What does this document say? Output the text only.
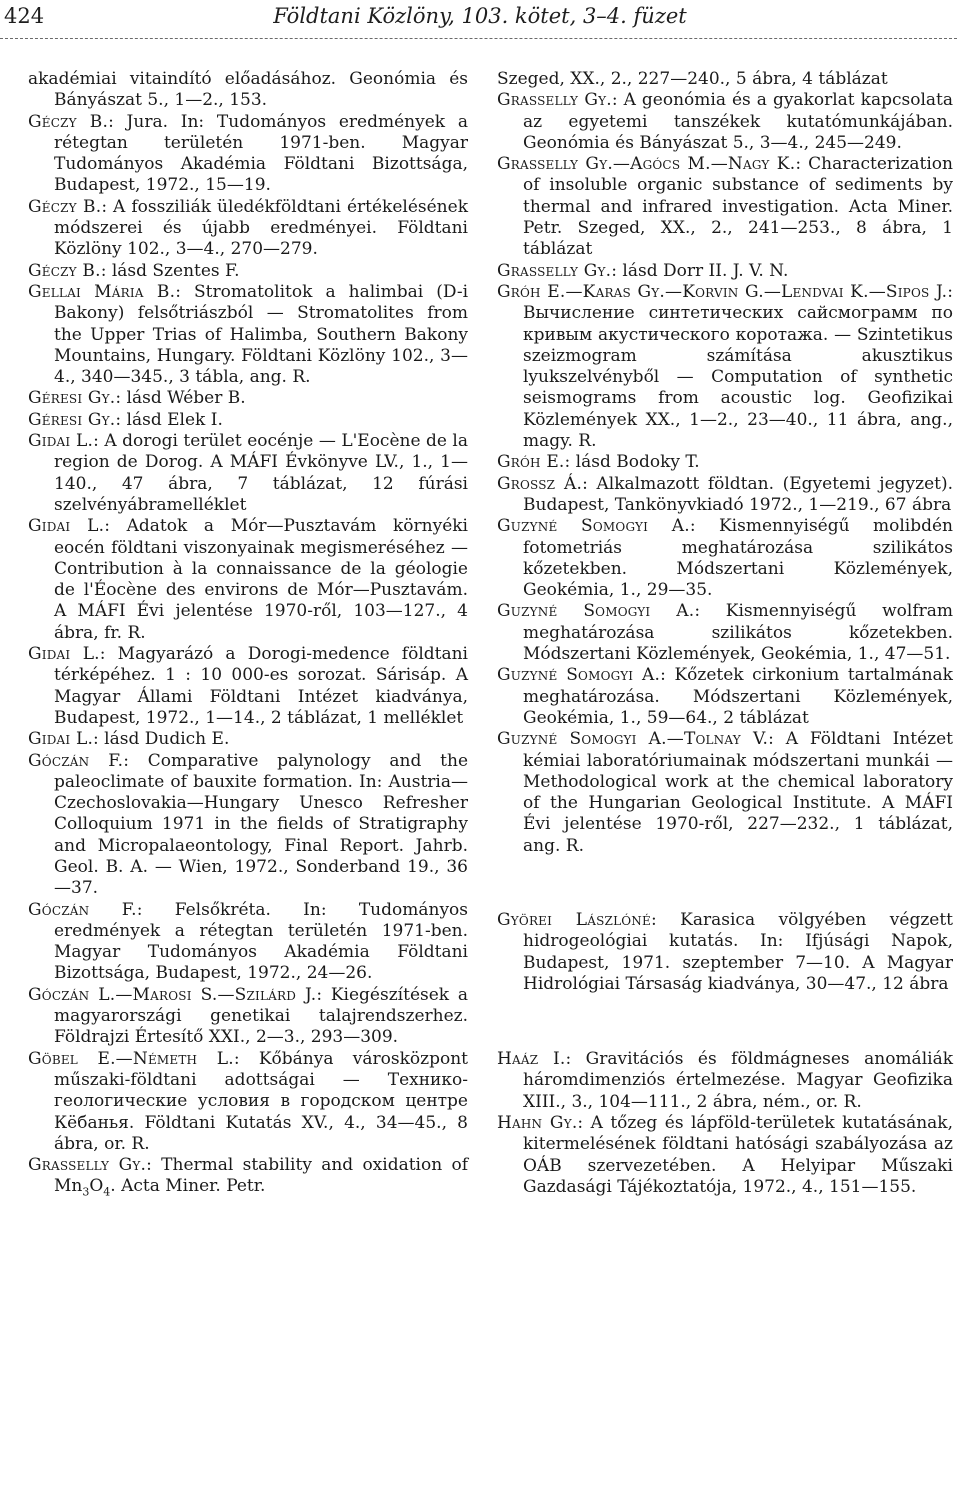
424	Földtani Közlöny, 103. kötet, 3–4. füzet

akadémiai vitaindító előadásához. Geonómia és Bányászat 5., 1—2., 153.

Géczy B.: Jura. In: Tudományos eredmények a rétegtan területén 1971-ben. Magyar Tudományos Akadémia Földtani Bizottsága, Budapest, 1972., 15—19.

Géczy B.: A fossziliák üledékföldtani értékelésének módszerei és újabb eredményei. Földtani Közlöny 102., 3—4., 270—279.

Géczy B.: lásd Szentes F.

Gellai Mária B.: Stromatolitok a halimbai (D-i Bakony) felsőtriászból — Stromatolites from the Upper Trias of Halimba, Southern Bakony Mountains, Hungary. Földtani Közlöny 102., 3—4., 340—345., 3 tábla, ang. R.

Géresi Gy.: lásd Wéber B.

Géresi Gy.: lásd Elek I.

Gidai L.: A dorogi terület eocénje — L'Eocène de la region de Dorog. A MÁFI Évkönyve LV., 1., 1—140., 47 ábra, 7 táblázat, 12 fúrási szelvényábramelléklet

Gidai L.: Adatok a Mór—Pusztavám környéki eocén földtani viszonyainak megismeréséhez — Contribution à la connaissance de la géologie de l'Éocène des environs de Mór—Pusztavám. A MÁFI Évi jelentése 1970-ről, 103—127., 4 ábra, fr. R.

Gidai L.: Magyarázó a Dorogi-medence földtani térképéhez. 1 : 10 000-es sorozat. Sárisáp. A Magyar Állami Földtani Intézet kiadványa, Budapest, 1972., 1—14., 2 táblázat, 1 melléklet

Gidai L.: lásd Dudich E.

Góczán F.: Comparative palynology and the paleoclimate of bauxite formation. In: Austria—Czechoslovakia—Hungary Unesco Refresher Colloquium 1971 in the fields of Stratigraphy and Micropalaeontology, Final Report. Jahrb. Geol. B. A. — Wien, 1972., Sonderband 19., 36—37.

Góczán F.: Felsőkréta. In: Tudományos eredmények a rétegtan területén 1971-ben. Magyar Tudományos Akadémia Földtani Bizottsága, Budapest, 1972., 24—26.

Góczán L.—Marosi S.—Szilárd J.: Kiegészítések a magyarországi genetikai talajrendszerhez. Földrajzi Értesítő XXI., 2—3., 293—309.

Göbel E.—Németh L.: Kőbánya városközpont műszaki-földtani adottságai — Технико-геологические условия в городском центре Кёбанья. Földtani Kutatás XV., 4., 34—45., 8 ábra, or. R.

Grasselly Gy.: Thermal stability and oxidation of $Mn_3O_4$. Acta Miner. Petr.

Szeged, XX., 2., 227—240., 5 ábra, 4 táblázat

Grasselly Gy.: A geonómia és a gyakorlat kapcsolata az egyetemi tanszékek kutatómunkájában. Geonómia és Bányászat 5., 3—4., 245—249.

Grasselly Gy.—Agócs M.—Nagy K.: Characterization of insoluble organic substance of sediments by thermal and infrared investigation. Acta Miner. Petr. Szeged, XX., 2., 241—253., 8 ábra, 1 táblázat

Grasselly Gy.: lásd Dorr II. J. V. N.

Gróh E.—Karas Gy.—Korvin G.—Lendvai K.—Sipos J.: Вычисление синтетических сайсмограмм по кривым акустического коротажа. — Szintetikus szeizmogram számítása akusztikus lyukszelvényből — Computation of synthetic seismograms from acoustic log. Geofizikai Közlemények XX., 1—2., 23—40., 11 ábra, ang., magy. R.

Gróh E.: lásd Bodoky T.

Grossz Á.: Alkalmazott földtan. (Egyetemi jegyzet). Budapest, Tankönyvkiadó 1972., 1—219., 67 ábra

Guzyné Somogyi A.: Kismennyiségű molibdén fotometriás meghatározása szilikátos kőzetekben. Módszertani Közlemények, Geokémia, 1., 29—35.

Guzyné Somogyi A.: Kismennyiségű wolfram meghatározása szilikátos kőzetekben. Módszertani Közlemények, Geokémia, 1., 47—51.

Guzyné Somogyi A.: Kőzetek cirkonium tartalmának meghatározása. Módszertani Közlemények, Geokémia, 1., 59—64., 2 táblázat

Guzyné Somogyi A.—Tolnay V.: A Földtani Intézet kémiai laboratóriumainak módszertani munkái — Methodological work at the chemical laboratory of the Hungarian Geological Institute. A MÁFI Évi jelentése 1970-ről, 227—232., 1 táblázat, ang. R.

Györei Lászlóné: Karasica völgyében végzett hidrogeológiai kutatás. In: Ifjúsági Napok, Budapest, 1971. szeptember 7—10. A Magyar Hidrológiai Társaság kiadványa, 30—47., 12 ábra

Haáz I.: Gravitációs és földmágneses anomáliák háromdimenziós értelmezése. Magyar Geofizika XIII., 3., 104—111., 2 ábra, ném., or. R.

Hahn Gy.: A tőzeg és lápföld-területek kutatásának, kitermelésének földtani hatósági szabályozása az OÁB szervezetében. A Helyipar Műszaki Gazdasági Tájékoztatója, 1972., 4., 151—155.
